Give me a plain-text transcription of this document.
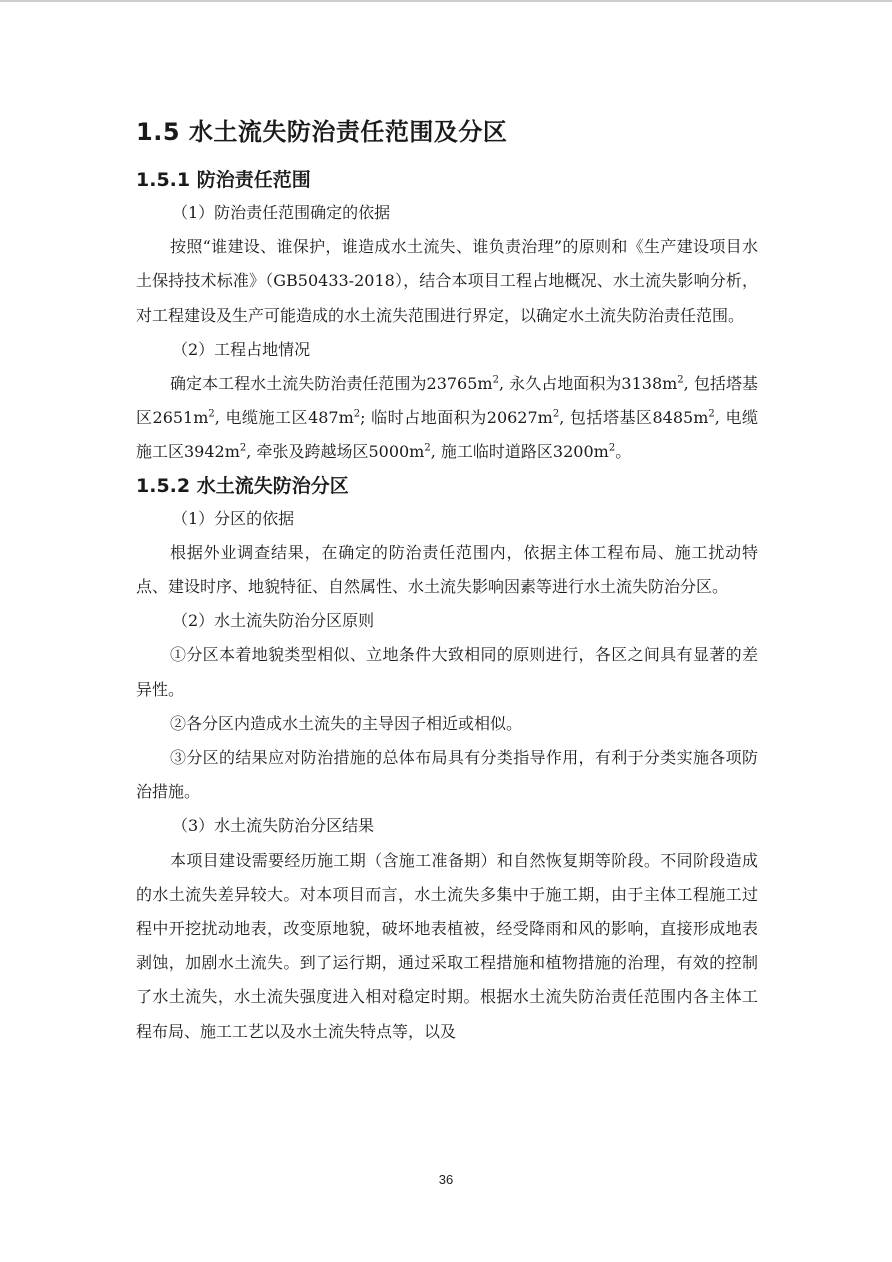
1.5 水土流失防治责任范围及分区
1.5.1 防治责任范围

（1）防治责任范围确定的依据

按照“谁建设、谁保护，谁造成水土流失、谁负责治理”的原则和《生产建设项目水土保持技术标准》（GB50433-2018），结合本项目工程占地概况、水土流失影响分析，对工程建设及生产可能造成的水土流失范围进行界定，以确定水土流失防治责任范围。

（2）工程占地情况

确定本工程水土流失防治责任范围为$23765m^2$, 永久占地面积为$3138m^2$, 包括塔基区$2651m^2$, 电缆施工区$487m^2$; 临时占地面积为$20627m^2$, 包括塔基区$8485m^2$, 电缆施工区$3942m^2$, 牵张及跨越场区$5000m^2$, 施工临时道路区$3200m^2$。

1.5.2 水土流失防治分区

（1）分区的依据

根据外业调查结果，在确定的防治责任范围内，依据主体工程布局、施工扰动特点、建设时序、地貌特征、自然属性、水土流失影响因素等进行水土流失防治分区。

（2）水土流失防治分区原则

①分区本着地貌类型相似、立地条件大致相同的原则进行，各区之间具有显著的差异性。

②各分区内造成水土流失的主导因子相近或相似。

③分区的结果应对防治措施的总体布局具有分类指导作用，有利于分类实施各项防治措施。

（3）水土流失防治分区结果

本项目建设需要经历施工期（含施工准备期）和自然恢复期等阶段。不同阶段造成的水土流失差异较大。对本项目而言，水土流失多集中于施工期，由于主体工程施工过程中开挖扰动地表，改变原地貌，破坏地表植被，经受降雨和风的影响，直接形成地表剥蚀，加剧水土流失。到了运行期，通过采取工程措施和植物措施的治理，有效的控制了水土流失，水土流失强度进入相对稳定时期。根据水土流失防治责任范围内各主体工程布局、施工工艺以及水土流失特点等，以及

36
